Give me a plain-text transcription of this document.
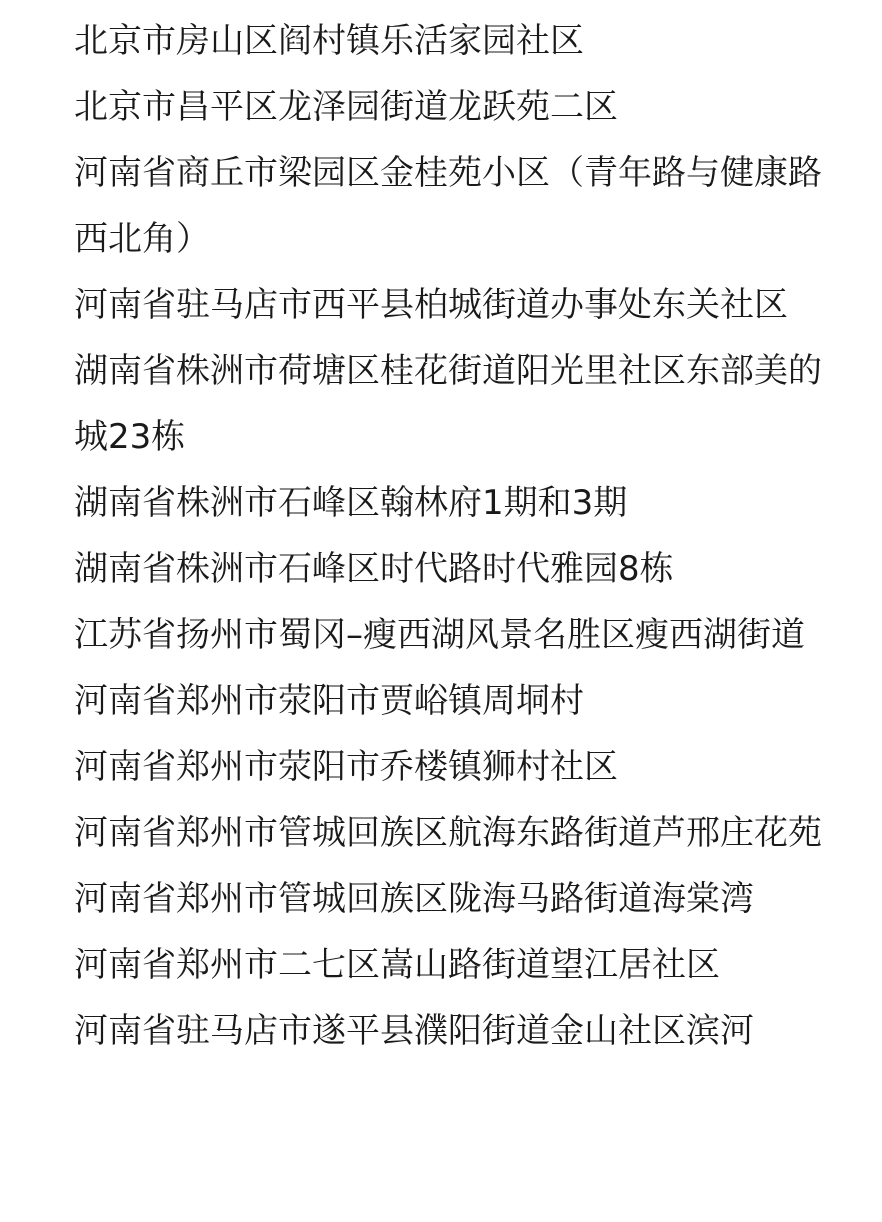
北京市房山区阎村镇乐活家园社区
北京市昌平区龙泽园街道龙跃苑二区
河南省商丘市梁园区金桂苑小区（青年路与健康路西北角）
河南省驻马店市西平县柏城街道办事处东关社区
湖南省株洲市荷塘区桂花街道阳光里社区东部美的城23栋
湖南省株洲市石峰区翰林府1期和3期
湖南省株洲市石峰区时代路时代雅园8栋
江苏省扬州市蜀冈–瘦西湖风景名胜区瘦西湖街道
河南省郑州市荥阳市贾峪镇周垌村
河南省郑州市荥阳市乔楼镇狮村社区
河南省郑州市管城回族区航海东路街道芦邢庄花苑
河南省郑州市管城回族区陇海马路街道海棠湾
河南省郑州市二七区嵩山路街道望江居社区
河南省驻马店市遂平县濮阳街道金山社区滨河
